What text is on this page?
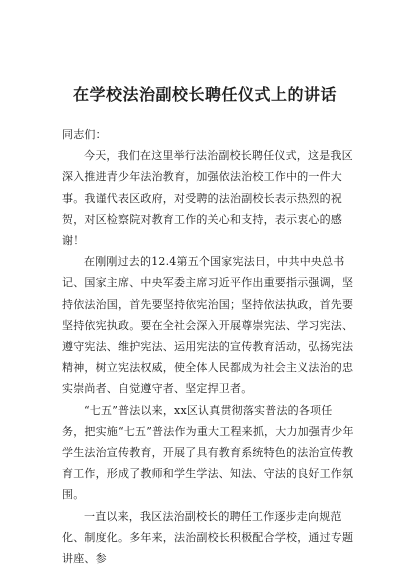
在学校法治副校长聘任仪式上的讲话

同志们：

今天，我们在这里举行法治副校长聘任仪式，这是我区深入推进青少年法治教育，加强依法治校工作中的一件大事。我谨代表区政府，对受聘的法治副校长表示热烈的祝贺，对区检察院对教育工作的关心和支持，表示衷心的感谢！

在刚刚过去的12.4第五个国家宪法日，中共中央总书记、国家主席、中央军委主席习近平作出重要指示强调，坚持依法治国，首先要坚持依宪治国；坚持依法执政，首先要坚持依宪执政。要在全社会深入开展尊崇宪法、学习宪法、遵守宪法、维护宪法、运用宪法的宣传教育活动，弘扬宪法精神，树立宪法权威，使全体人民都成为社会主义法治的忠实崇尚者、自觉遵守者、坚定捍卫者。

“七五”普法以来，xx区认真贯彻落实普法的各项任务，把实施“七五”普法作为重大工程来抓，大力加强青少年学生法治宣传教育，开展了具有教育系统特色的法治宣传教育工作，形成了教师和学生学法、知法、守法的良好工作氛围。

一直以来，我区法治副校长的聘任工作逐步走向规范化、制度化。多年来，法治副校长积极配合学校，通过专题讲座、参
